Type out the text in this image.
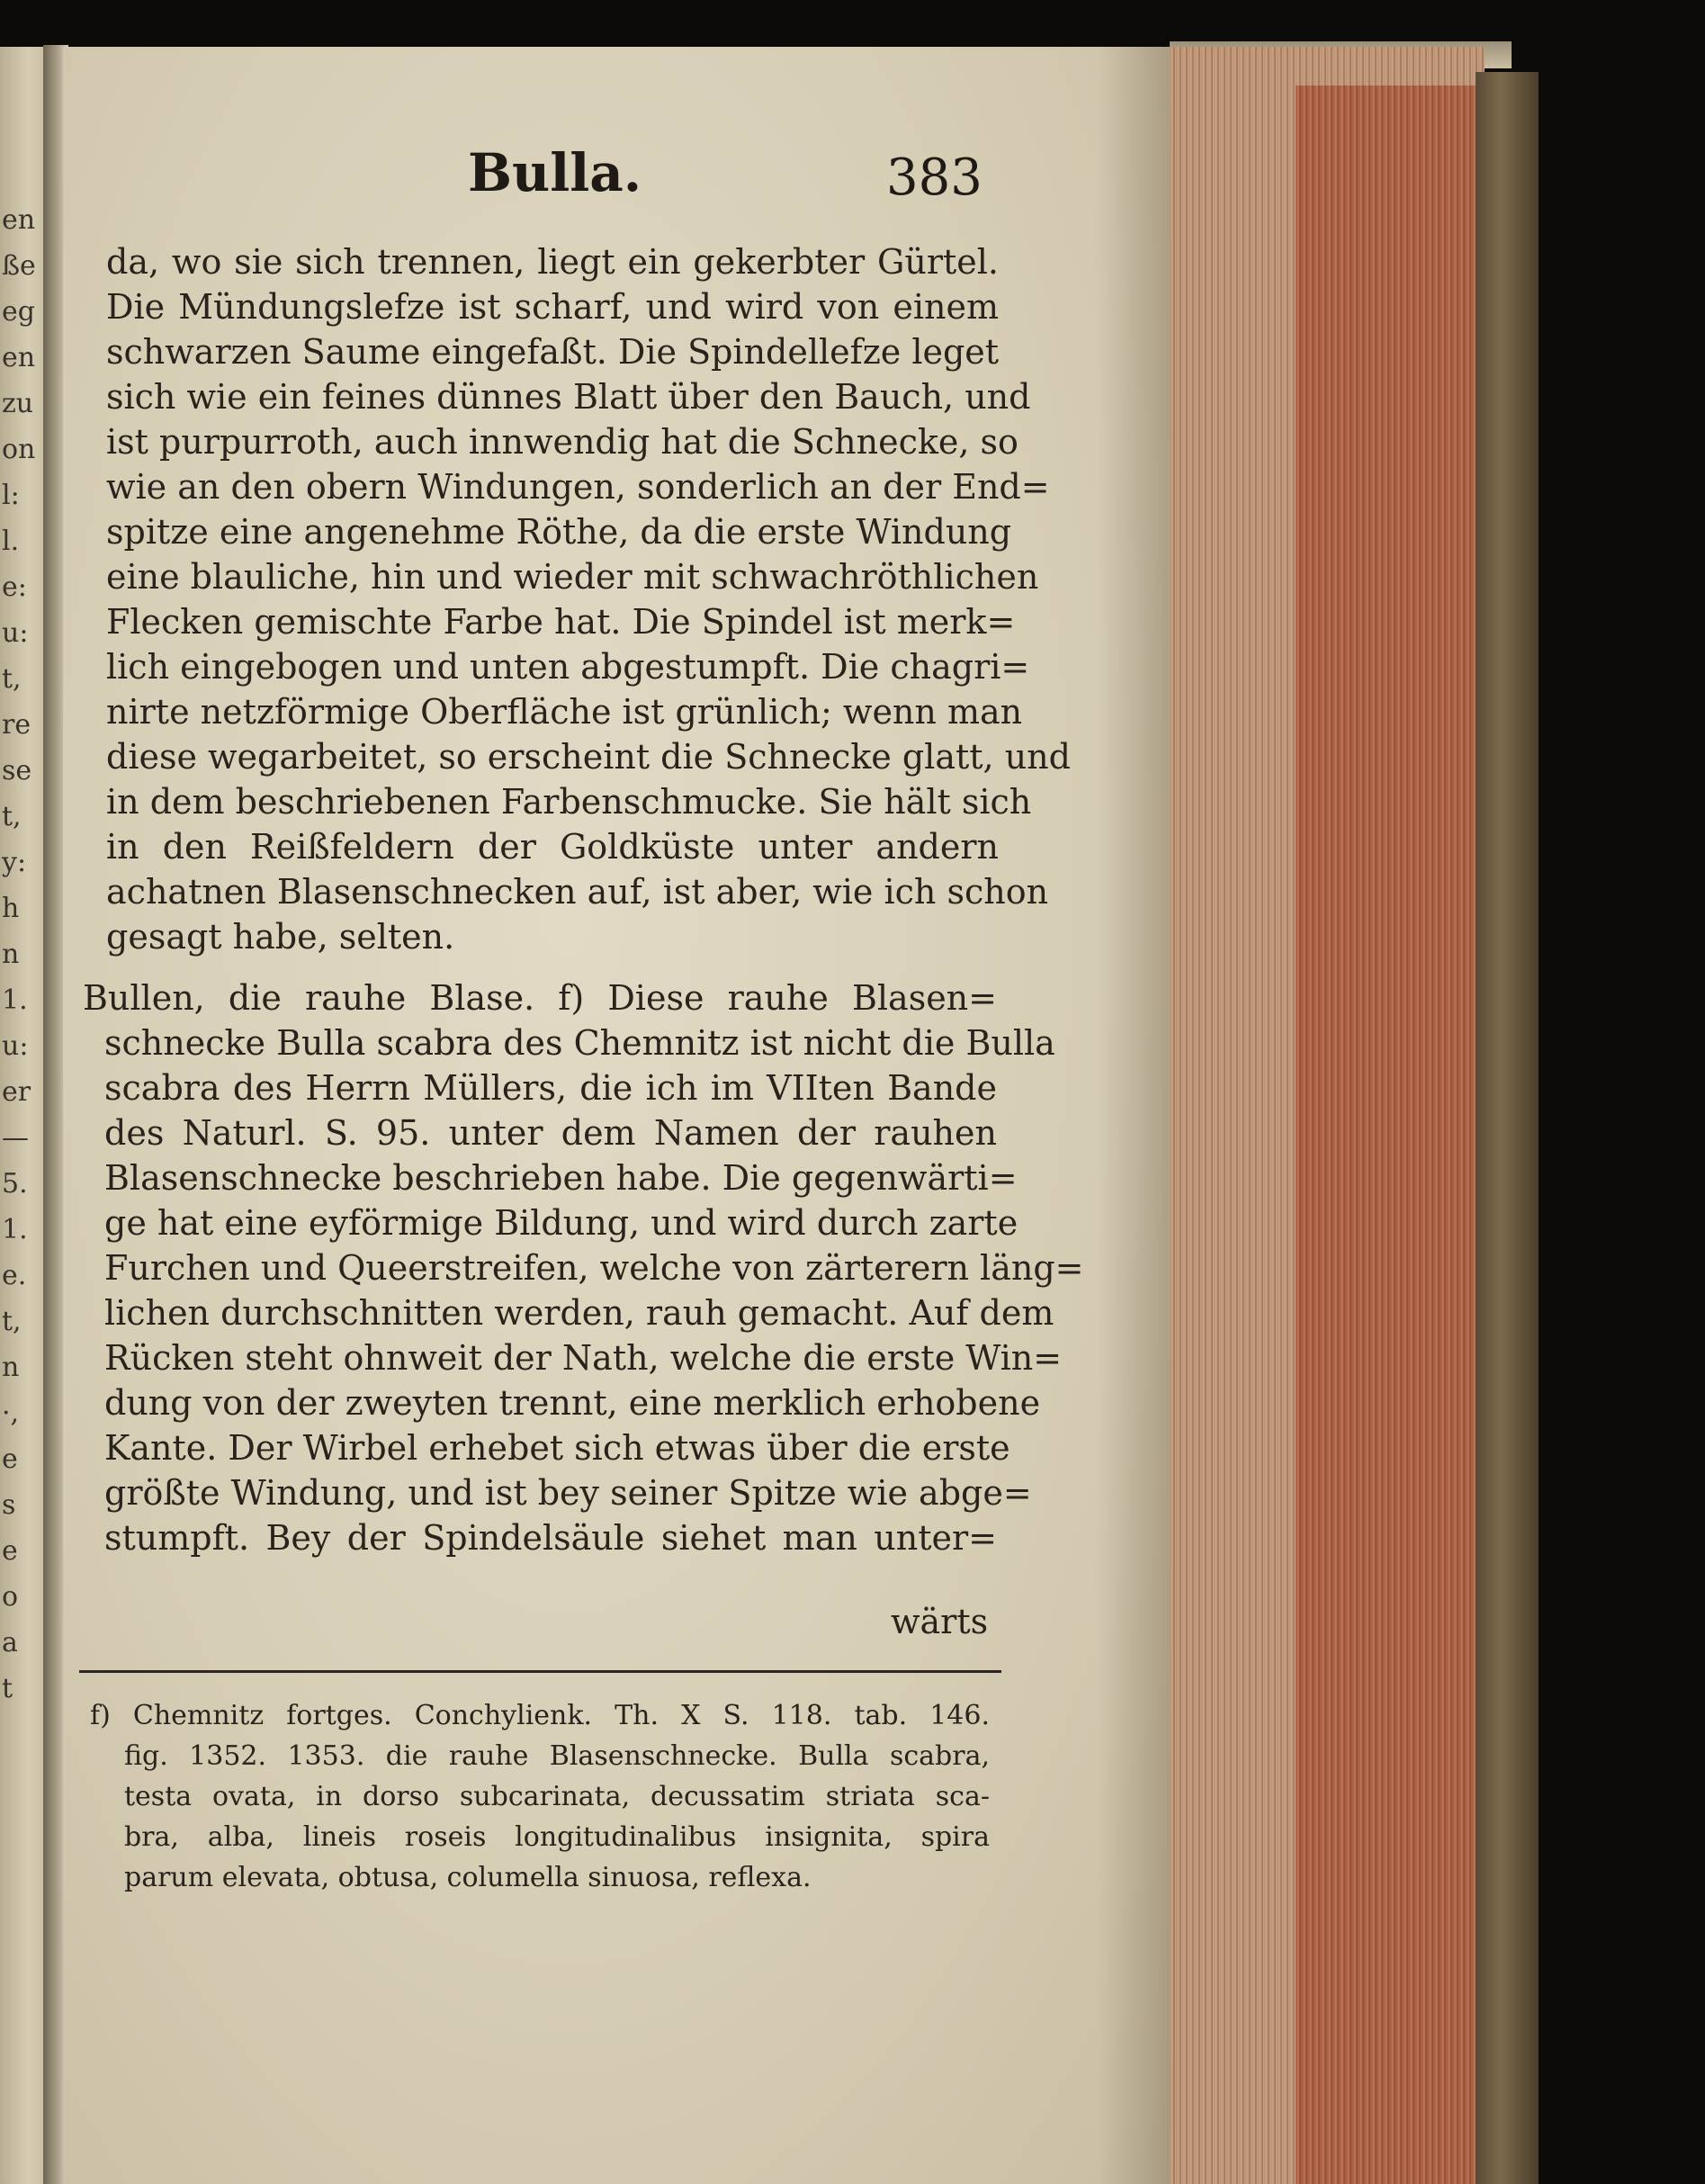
en
ße
eg
en
zu
on
l:
l.
e:
u:
t,
re
se
t,
y:
h
n
1.
u:
er
—
5.
1.
e.
t,
n
·,
e
s
e
o
a
t
Bulla.	383
da, wo sie sich trennen, liegt ein gekerbter Gürtel.
Die Mündungslefze ist scharf, und wird von einem
schwarzen Saume eingefaßt. Die Spindellefze leget
sich wie ein feines dünnes Blatt über den Bauch, und
ist purpurroth, auch innwendig hat die Schnecke, so
wie an den obern Windungen, sonderlich an der End=
spitze eine angenehme Röthe, da die erste Windung
eine blauliche, hin und wieder mit schwachröthlichen
Flecken gemischte Farbe hat. Die Spindel ist merk=
lich eingebogen und unten abgestumpft. Die chagri=
nirte netzförmige Oberfläche ist grünlich; wenn man
diese wegarbeitet, so erscheint die Schnecke glatt, und
in dem beschriebenen Farbenschmucke. Sie hält sich
in den Reißfeldern der Goldküste unter andern
achatnen Blasenschnecken auf, ist aber, wie ich schon
gesagt habe, selten.
Bullen, die rauhe Blase. f) Diese rauhe Blasen=
schnecke Bulla scabra des Chemnitz ist nicht die Bulla
scabra des Herrn Müllers, die ich im VIIten Bande
des Naturl. S. 95. unter dem Namen der rauhen
Blasenschnecke beschrieben habe. Die gegenwärti=
ge hat eine eyförmige Bildung, und wird durch zarte
Furchen und Queerstreifen, welche von zärterern läng=
lichen durchschnitten werden, rauh gemacht. Auf dem
Rücken steht ohnweit der Nath, welche die erste Win=
dung von der zweyten trennt, eine merklich erhobene
Kante. Der Wirbel erhebet sich etwas über die erste
größte Windung, und ist bey seiner Spitze wie abge=
stumpft. Bey der Spindelsäule siehet man unter=
wärts
f) Chemnitz fortges. Conchylienk. Th. X S. 118. tab. 146.
fig. 1352. 1353. die rauhe Blasenschnecke. Bulla scabra,
testa ovata, in dorso subcarinata, decussatim striata sca-
bra, alba, lineis roseis longitudinalibus insignita, spira
parum elevata, obtusa, columella sinuosa, reflexa.
